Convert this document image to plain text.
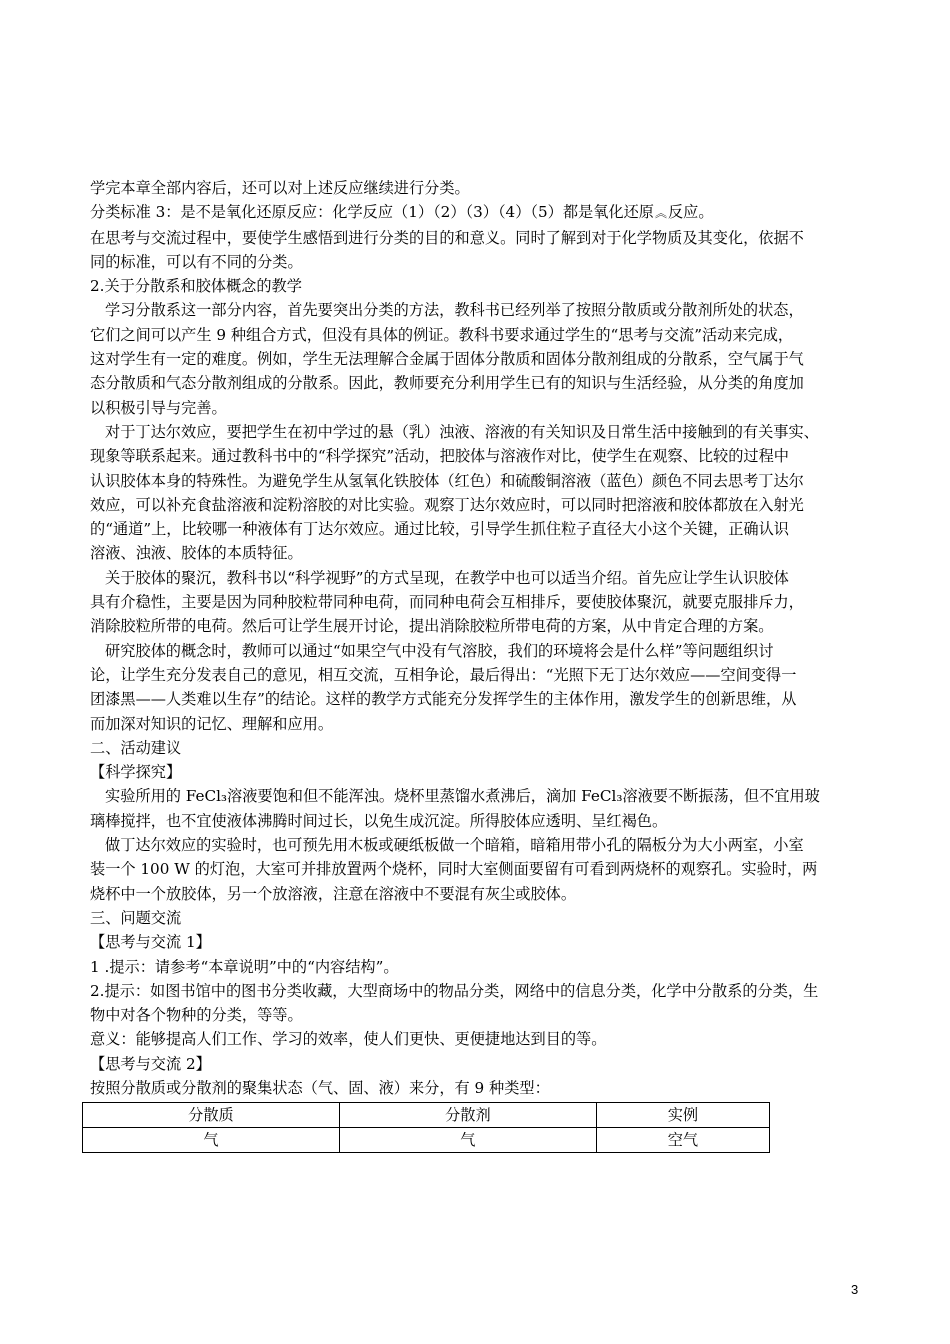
学完本章全部内容后，还可以对上述反应继续进行分类。

分类标准 3：是不是氧化还原反应：化学反应（1）（2）（3）（4）（5）都是氧化还原︽反应。

在思考与交流过程中，要使学生感悟到进行分类的目的和意义。同时了解到对于化学物质及其变化，依据不

同的标准，可以有不同的分类。

2.关于分散系和胶体概念的教学

学习分散系这一部分内容，首先要突出分类的方法，教科书已经列举了按照分散质或分散剂所处的状态，

它们之间可以产生 9 种组合方式，但没有具体的例证。教科书要求通过学生的“思考与交流”活动来完成，

这对学生有一定的难度。例如，学生无法理解合金属于固体分散质和固体分散剂组成的分散系，空气属于气

态分散质和气态分散剂组成的分散系。因此，教师要充分利用学生已有的知识与生活经验，从分类的角度加

以积极引导与完善。

对于丁达尔效应，要把学生在初中学过的悬（乳）浊液、溶液的有关知识及日常生活中接触到的有关事实、

现象等联系起来。通过教科书中的“科学探究”活动，把胶体与溶液作对比，使学生在观察、比较的过程中

认识胶体本身的特殊性。为避免学生从氢氧化铁胶体（红色）和硫酸铜溶液（蓝色）颜色不同去思考丁达尔

效应，可以补充食盐溶液和淀粉溶胶的对比实验。观察丁达尔效应时，可以同时把溶液和胶体都放在入射光

的“通道”上，比较哪一种液体有丁达尔效应。通过比较，引导学生抓住粒子直径大小这个关键，正确认识

溶液、浊液、胶体的本质特征。

关于胶体的聚沉，教科书以“科学视野”的方式呈现，在教学中也可以适当介绍。首先应让学生认识胶体

具有介稳性，主要是因为同种胶粒带同种电荷，而同种电荷会互相排斥，要使胶体聚沉，就要克服排斥力，

消除胶粒所带的电荷。然后可让学生展开讨论，提出消除胶粒所带电荷的方案，从中肯定合理的方案。

研究胶体的概念时，教师可以通过“如果空气中没有气溶胶，我们的环境将会是什么样”等问题组织讨

论，让学生充分发表自己的意见，相互交流，互相争论，最后得出：“光照下无丁达尔效应——空间变得一

团漆黑——人类难以生存”的结论。这样的教学方式能充分发挥学生的主体作用，激发学生的创新思维，从

而加深对知识的记忆、理解和应用。

二、活动建议

【科学探究】

实验所用的 FeCl₃溶液要饱和但不能浑浊。烧杯里蒸馏水煮沸后，滴加 FeCl₃溶液要不断振荡，但不宜用玻

璃棒搅拌，也不宜使液体沸腾时间过长，以免生成沉淀。所得胶体应透明、呈红褐色。

做丁达尔效应的实验时，也可预先用木板或硬纸板做一个暗箱，暗箱用带小孔的隔板分为大小两室，小室

装一个 100 W 的灯泡，大室可并排放置两个烧杯，同时大室侧面要留有可看到两烧杯的观察孔。实验时，两

烧杯中一个放胶体，另一个放溶液，注意在溶液中不要混有灰尘或胶体。

三、问题交流

【思考与交流 1】

1 .提示：请参考“本章说明”中的“内容结构”。

2.提示：如图书馆中的图书分类收藏，大型商场中的物品分类，网络中的信息分类，化学中分散系的分类，生

物中对各个物种的分类，等等。

意义：能够提高人们工作、学习的效率，使人们更快、更便捷地达到目的等。

【思考与交流 2】

按照分散质或分散剂的聚集状态（气、固、液）来分，有 9 种类型：

分散质	分散剂	实例
气	气	空气
3
